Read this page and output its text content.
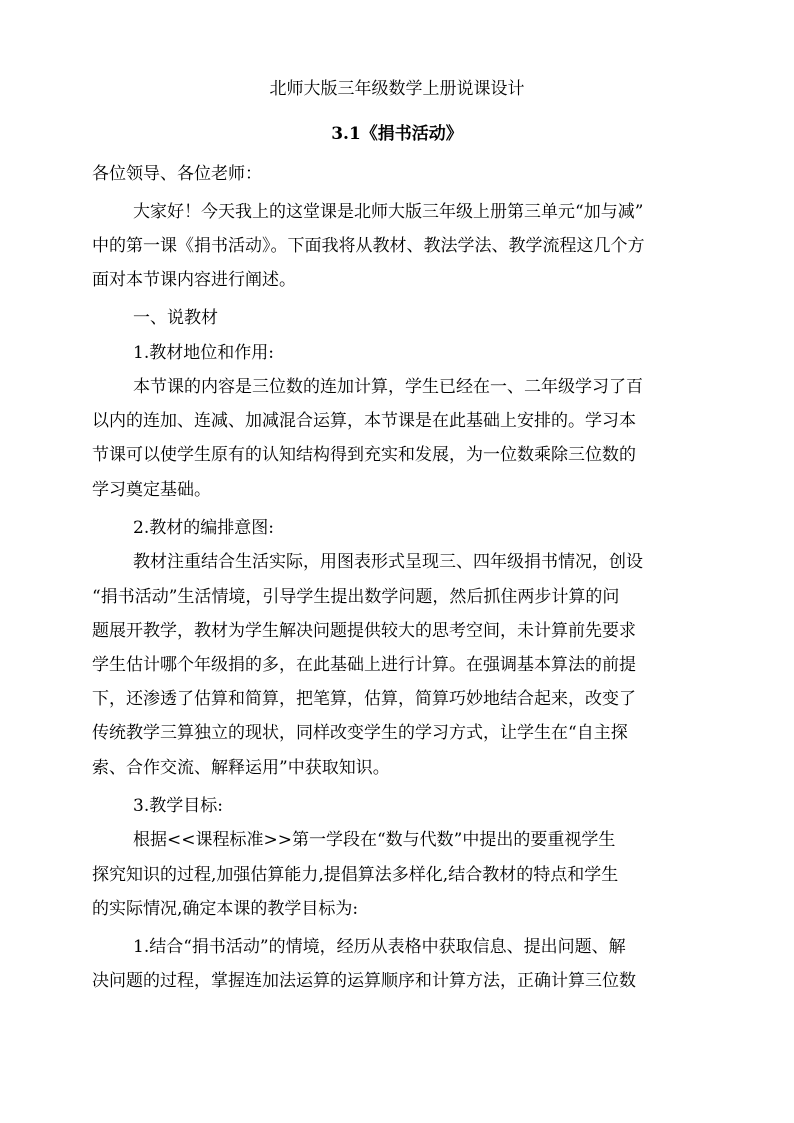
北师大版三年级数学上册说课设计
3.1《捐书活动》
各位领导、各位老师：
大家好！今天我上的这堂课是北师大版三年级上册第三单元“加与减”
中的第一课《捐书活动》。下面我将从教材、教法学法、教学流程这几个方
面对本节课内容进行阐述。
一、说教材
1.教材地位和作用:
本节课的内容是三位数的连加计算，学生已经在一、二年级学习了百
以内的连加、连减、加减混合运算，本节课是在此基础上安排的。学习本
节课可以使学生原有的认知结构得到充实和发展，为一位数乘除三位数的
学习奠定基础。
2.教材的编排意图:
教材注重结合生活实际，用图表形式呈现三、四年级捐书情况，创设
“捐书活动”生活情境，引导学生提出数学问题，然后抓住两步计算的问
题展开教学，教材为学生解决问题提供较大的思考空间，未计算前先要求
学生估计哪个年级捐的多，在此基础上进行计算。在强调基本算法的前提
下，还渗透了估算和简算，把笔算，估算，简算巧妙地结合起来，改变了
传统教学三算独立的现状，同样改变学生的学习方式，让学生在“自主探
索、合作交流、解释运用”中获取知识。
3.教学目标:
根据<<课程标准>>第一学段在“数与代数”中提出的要重视学生
探究知识的过程,加强估算能力,提倡算法多样化,结合教材的特点和学生
的实际情况,确定本课的教学目标为:
1.结合“捐书活动”的情境，经历从表格中获取信息、提出问题、解
决问题的过程，掌握连加法运算的运算顺序和计算方法，正确计算三位数
